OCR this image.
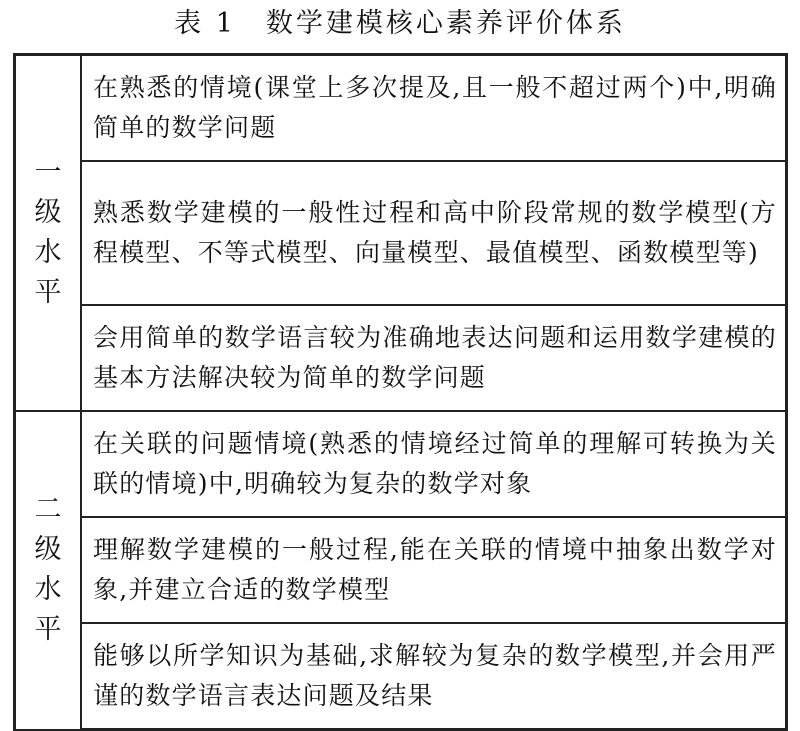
表 1　数学建模核心素养评价体系
一
级
水
平	在熟悉的情境(课堂上多次提及,且一般不超过两个)中,明确简单的数学问题
	熟悉数学建模的一般性过程和高中阶段常规的数学模型(方程模型、不等式模型、向量模型、最值模型、函数模型等)
	会用简单的数学语言较为准确地表达问题和运用数学建模的基本方法解决较为简单的数学问题

二
级
水
平	在关联的问题情境(熟悉的情境经过简单的理解可转换为关联的情境)中,明确较为复杂的数学对象
	理解数学建模的一般过程,能在关联的情境中抽象出数学对象,并建立合适的数学模型
	能够以所学知识为基础,求解较为复杂的数学模型,并会用严谨的数学语言表达问题及结果
